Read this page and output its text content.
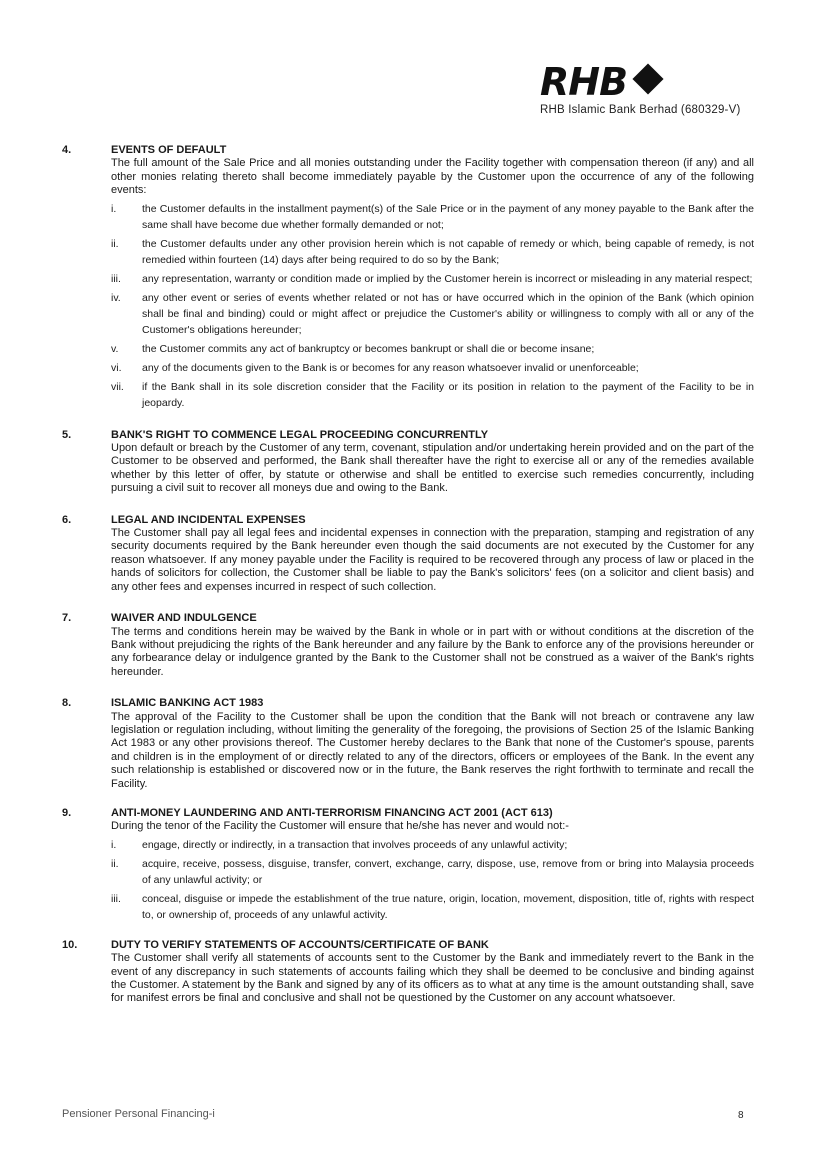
RHB
RHB Islamic Bank Berhad (680329-V)
4.	EVENTS OF DEFAULT

The full amount of the Sale Price and all monies outstanding under the Facility together with compensation thereon (if any) and all other monies relating thereto shall become immediately payable by the Customer upon the occurrence of any of the following events:

i.	the Customer defaults in the installment payment(s) of the Sale Price or in the payment of any money payable to the Bank after the same shall have become due whether formally demanded or not;
ii.	the Customer defaults under any other provision herein which is not capable of remedy or which, being capable of remedy, is not remedied within fourteen (14) days after being required to do so by the Bank;
iii.	any representation, warranty or condition made or implied by the Customer herein is incorrect or misleading in any material respect;
iv.	any other event or series of events whether related or not has or have occurred which in the opinion of the Bank (which opinion shall be final and binding) could or might affect or prejudice the Customer's ability or willingness to comply with all or any of the Customer's obligations hereunder;
v.	the Customer commits any act of bankruptcy or becomes bankrupt or shall die or become insane;
vi.	any of the documents given to the Bank is or becomes for any reason whatsoever invalid or unenforceable;
vii.	if the Bank shall in its sole discretion consider that the Facility or its position in relation to the payment of the Facility to be in jeopardy.
5.	BANK'S RIGHT TO COMMENCE LEGAL PROCEEDING CONCURRENTLY

Upon default or breach by the Customer of any term, covenant, stipulation and/or undertaking herein provided and on the part of the Customer to be observed and performed, the Bank shall thereafter have the right to exercise all or any of the remedies available whether by this letter of offer, by statute or otherwise and shall be entitled to exercise such remedies concurrently, including pursuing a civil suit to recover all moneys due and owing to the Bank.

6.	LEGAL AND INCIDENTAL EXPENSES

The Customer shall pay all legal fees and incidental expenses in connection with the preparation, stamping and registration of any security documents required by the Bank hereunder even though the said documents are not executed by the Customer for any reason whatsoever. If any money payable under the Facility is required to be recovered through any process of law or placed in the hands of solicitors for collection, the Customer shall be liable to pay the Bank's solicitors' fees (on a solicitor and client basis) and any other fees and expenses incurred in respect of such collection.

7.	WAIVER AND INDULGENCE

The terms and conditions herein may be waived by the Bank in whole or in part with or without conditions at the discretion of the Bank without prejudicing the rights of the Bank hereunder and any failure by the Bank to enforce any of the provisions hereunder or any forbearance delay or indulgence granted by the Bank to the Customer shall not be construed as a waiver of the Bank's rights hereunder.

8.	ISLAMIC BANKING ACT 1983

The approval of the Facility to the Customer shall be upon the condition that the Bank will not breach or contravene any law legislation or regulation including, without limiting the generality of the foregoing, the provisions of Section 25 of the Islamic Banking Act 1983 or any other provisions thereof. The Customer hereby declares to the Bank that none of the Customer's spouse, parents and children is in the employment of or directly related to any of the directors, officers or employees of the Bank. In the event any such relationship is established or discovered now or in the future, the Bank reserves the right forthwith to terminate and recall the Facility.

9.	ANTI-MONEY LAUNDERING AND ANTI-TERRORISM FINANCING ACT 2001 (ACT 613)

During the tenor of the Facility the Customer will ensure that he/she has never and would not:-

i.	engage, directly or indirectly, in a transaction that involves proceeds of any unlawful activity;
ii.	acquire, receive, possess, disguise, transfer, convert, exchange, carry, dispose, use, remove from or bring into Malaysia proceeds of any unlawful activity; or
iii.	conceal, disguise or impede the establishment of the true nature, origin, location, movement, disposition, title of, rights with respect to, or ownership of, proceeds of any unlawful activity.
10.	DUTY TO VERIFY STATEMENTS OF ACCOUNTS/CERTIFICATE OF BANK

The Customer shall verify all statements of accounts sent to the Customer by the Bank and immediately revert to the Bank in the event of any discrepancy in such statements of accounts failing which they shall be deemed to be conclusive and binding against the Customer. A statement by the Bank and signed by any of its officers as to what at any time is the amount outstanding shall, save for manifest errors be final and conclusive and shall not be questioned by the Customer on any account whatsoever.

Pensioner Personal Financing-i	8
